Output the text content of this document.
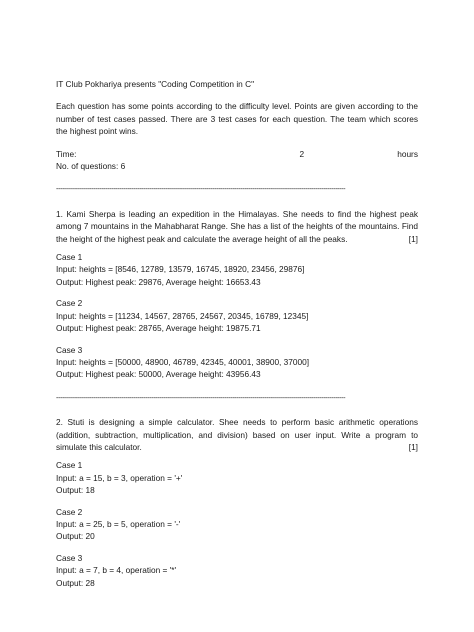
IT Club Pokhariya presents "Coding Competition in C"

Each question has some points according to the difficulty level. Points are given according to the number of test cases passed. There are 3 test cases for each question. The team which scores the highest point wins.

Time:	2	hours

No. of questions: 6

--------------------------------------------------------------------------------------------------------------------------------------------------

1. Kami Sherpa is leading an expedition in the Himalayas. She needs to find the highest peak among 7 mountains in the Mahabharat Range. She has a list of the heights of the mountains. Find the height of the highest peak and calculate the average height of all the peaks.	[1]

Case 1

Input: heights = [8546, 12789, 13579, 16745, 18920, 23456, 29876]

Output: Highest peak: 29876, Average height: 16653.43

Case 2

Input: heights = [11234, 14567, 28765, 24567, 20345, 16789, 12345]

Output: Highest peak: 28765, Average height: 19875.71

Case 3

Input: heights = [50000, 48900, 46789, 42345, 40001, 38900, 37000]

Output: Highest peak: 50000, Average height: 43956.43

--------------------------------------------------------------------------------------------------------------------------------------------------

2. Stuti is designing a simple calculator. Shee needs to perform basic arithmetic operations (addition, subtraction, multiplication, and division) based on user input. Write a program to simulate this calculator.	[1]

Case 1

Input: a = 15, b = 3, operation = '+'

Output: 18

Case 2

Input: a = 25, b = 5, operation = '-'

Output: 20

Case 3

Input: a = 7, b = 4, operation = '*'

Output: 28
